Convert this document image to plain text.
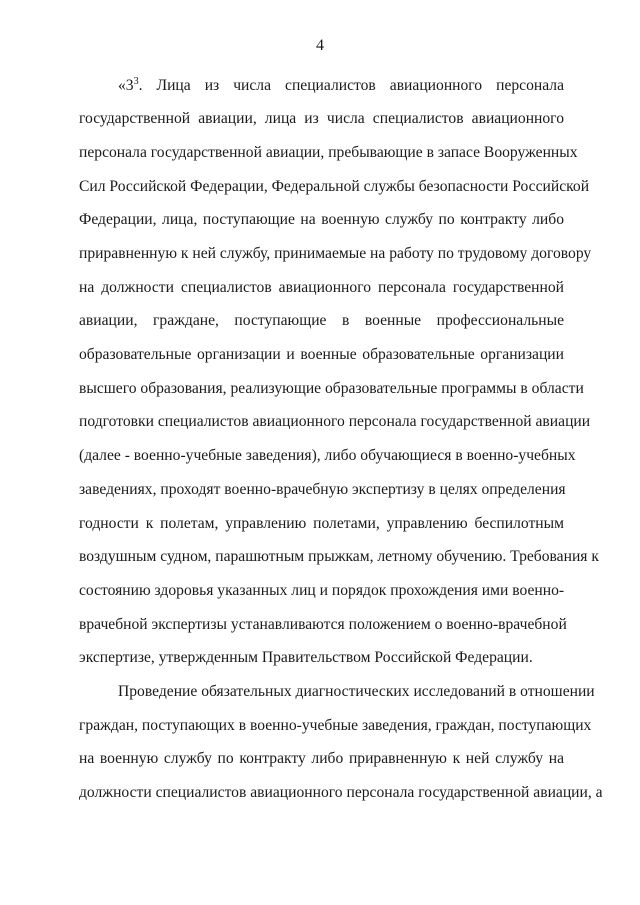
4
«$3^3$. Лица из числа специалистов авиационного персонала
государственной авиации, лица из числа специалистов авиационного
персонала государственной авиации, пребывающие в запасе Вооруженных
Сил Российской Федерации, Федеральной службы безопасности Российской
Федерации, лица, поступающие на военную службу по контракту либо
приравненную к ней службу, принимаемые на работу по трудовому договору
на должности специалистов авиационного персонала государственной
авиации, граждане, поступающие в военные профессиональные
образовательные организации и военные образовательные организации
высшего образования, реализующие образовательные программы в области
подготовки специалистов авиационного персонала государственной авиации
(далее - военно-учебные заведения), либо обучающиеся в военно-учебных
заведениях, проходят военно-врачебную экспертизу в целях определения
годности к полетам, управлению полетами, управлению беспилотным
воздушным судном, парашютным прыжкам, летному обучению. Требования к
состоянию здоровья указанных лиц и порядок прохождения ими военно-
врачебной экспертизы устанавливаются положением о военно-врачебной
экспертизе, утвержденным Правительством Российской Федерации.
Проведение обязательных диагностических исследований в отношении
граждан, поступающих в военно-учебные заведения, граждан, поступающих
на военную службу по контракту либо приравненную к ней службу на
должности специалистов авиационного персонала государственной авиации, а
